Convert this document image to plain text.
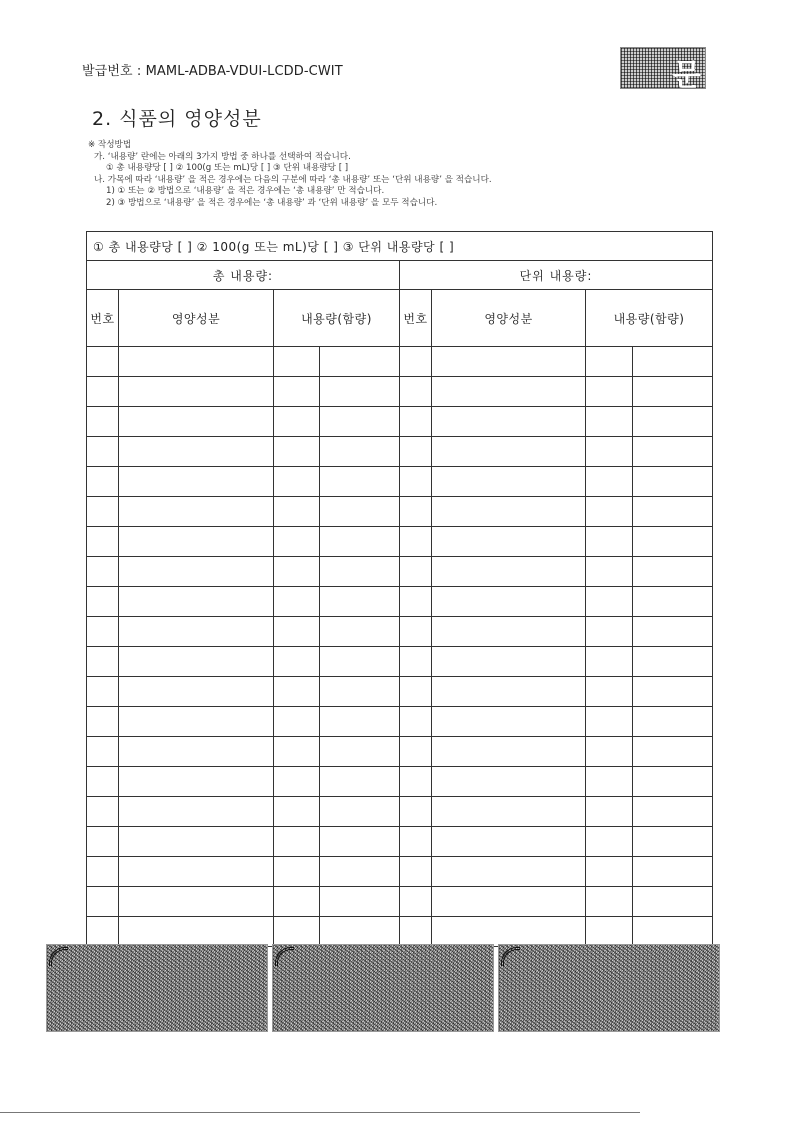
발급번호 : MAML-ADBA-VDUI-LCDD-CWIT	문
2. 식품의 영양성분
※ 작성방법
가. ‘내용량’ 란에는 아래의 3가지 방법 중 하나를 선택하여 적습니다.
① 총 내용량당 [ ] ② 100(g 또는 mL)당 [ ] ③ 단위 내용량당 [ ]
나. 가목에 따라 ‘내용량’ 을 적은 경우에는 다음의 구분에 따라 ‘총 내용량’ 또는 ‘단위 내용량’ 을 적습니다.
1) ① 또는 ② 방법으로 ‘내용량’ 을 적은 경우에는 ‘총 내용량’ 만 적습니다.
2) ③ 방법으로 ‘내용량’ 을 적은 경우에는 ‘총 내용량’ 과 ‘단위 내용량’ 을 모두 적습니다.
① 총 내용량당 [ ] ② 100(g 또는 mL)당 [ ] ③ 단위 내용량당 [ ]							
총 내용량:				단위 내용량:			
번호	영양성분	내용량(함량)		번호	영양성분	내용량(함량)	
